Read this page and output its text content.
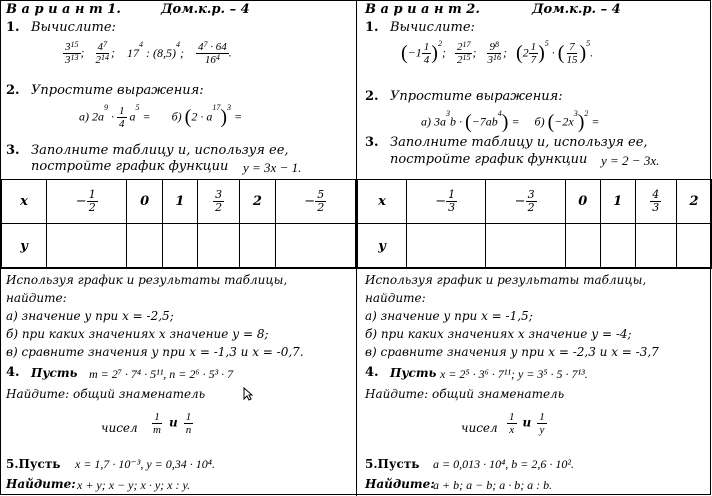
В а р и а н т 1.	Дом.к.р. – 4
1. Вычислите:
$\frac{3^{15}}{3^{13}}$ ; $\frac{4^7}{2^{14}}$ ;    $17^4$ : $(8,5)^4$; $\frac{4^7 \cdot 64}{16^4}$ .
2. Упростите выражения:
а) $2a^9 \cdot \frac{1}{4} a^5$ =       б) $(2 \cdot a^{17})^3$ =
3. Заполните таблицу и, используя ее,
постройте график функции y = 3x − 1.
x	− $\frac{1}{2}$	0	1	$\frac{3}{2}$	2	− $\frac{5}{2}$

y						
Используя график и результаты таблицы,
найдите:
а) значение у при x = -2,5;
б) при каких значениях х значение у = 8;
в) сравните значения у при x = -1,3 и x = -0,7.
4. Пусть m = 2⁷ · 7⁴ · 5¹¹, n = 2⁶ · 5³ · 7
Найдите: общий знаменатель
чисел $\frac{1}{m}$ и $\frac{1}{n}$
5.Пусть x = 1,7 · 10⁻³, y = 0,34 · 10⁴.
Найдите: x + y; x − y; x · y; x : y.
В а р и а н т 2.	Дом.к.р. – 4
1. Вычислите:
$(-1 \frac{1}{4} )^2$; $\frac{2^{17}}{2^{15}}$ ; $\frac{9^8}{3^{16}}$ ;   $(2 \frac{1}{7} )^5$ · ( $\frac{7}{15} )^5$.
2. Упростите выражения:
а) $3a^3b \cdot (-7ab^4)$ =     б) $(-2x^3)^2$ =
3. Заполните таблицу и, используя ее,
постройте график функции y = 2 − 3x.
x	− $\frac{1}{3}$	− $\frac{3}{2}$	0	1	$\frac{4}{3}$	2
y						
Используя график и результаты таблицы,
найдите:
а) значение у при x = -1,5;
б) при каких значениях х значение у = -4;
в) сравните значения у при x = -2,3 и x = -3,7
4. Пусть x = 2⁵ · 3⁶ · 7¹¹; y = 3⁵ · 5 · 7¹³.
Найдите: общий знаменатель
чисел $\frac{1}{x}$ и $\frac{1}{y}$
5.Пусть a = 0,013 · 10⁴, b = 2,6 · 10².
Найдите:
a + b; a − b; a · b; a : b.
